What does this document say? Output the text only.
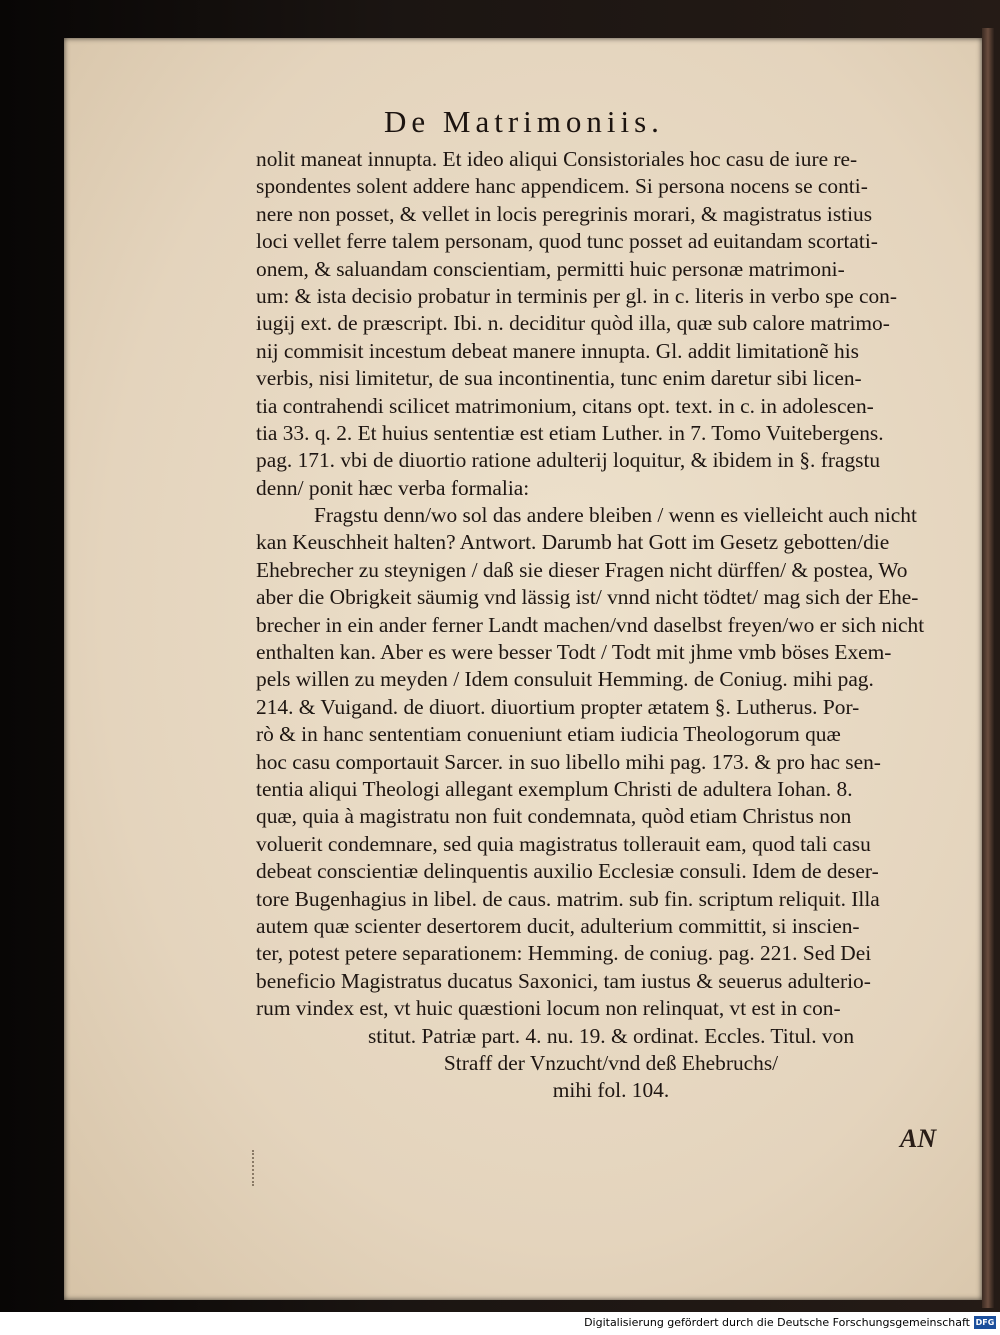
De Matrimoniis.
nolit maneat innupta. Et ideo aliqui Consistoriales hoc casu de iure re-
spondentes solent addere hanc appendicem. Si persona nocens se conti-
nere non posset, & vellet in locis peregrinis morari, & magistratus istius
loci vellet ferre talem personam, quod tunc posset ad euitandam scortati-
onem, & saluandam conscientiam, permitti huic personæ matrimoni-
um: & ista decisio probatur in terminis per gl. in c. literis in verbo spe con-
iugij ext. de præscript. Ibi. n. deciditur quòd illa, quæ sub calore matrimo-
nij commisit incestum debeat manere innupta. Gl. addit limitationẽ his
verbis, nisi limitetur, de sua incontinentia, tunc enim daretur sibi licen-
tia contrahendi scilicet matrimonium, citans opt. text. in c. in adolescen-
tia 33. q. 2. Et huius sententiæ est etiam Luther. in 7. Tomo Vuitebergens.
pag. 171. vbi de diuortio ratione adulterij loquitur, & ibidem in §. fragstu
denn/ ponit hæc verba formalia:
Fragstu denn/wo sol das andere bleiben / wenn es vielleicht auch nicht
kan Keuschheit halten? Antwort. Darumb hat Gott im Gesetz gebotten/die
Ehebrecher zu steynigen / daß sie dieser Fragen nicht dürffen/ & postea, Wo
aber die Obrigkeit säumig vnd lässig ist/ vnnd nicht tödtet/ mag sich der Ehe-
brecher in ein ander ferner Landt machen/vnd daselbst freyen/wo er sich nicht
enthalten kan. Aber es were besser Todt / Todt mit jhme vmb böses Exem-
pels willen zu meyden / Idem consuluit Hemming. de Coniug. mihi pag.
214. & Vuigand. de diuort. diuortium propter ætatem §. Lutherus. Por-
rò & in hanc sententiam conueniunt etiam iudicia Theologorum quæ
hoc casu comportauit Sarcer. in suo libello mihi pag. 173. & pro hac sen-
tentia aliqui Theologi allegant exemplum Christi de adultera Iohan. 8.
quæ, quia à magistratu non fuit condemnata, quòd etiam Christus non
voluerit condemnare, sed quia magistratus tollerauit eam, quod tali casu
debeat conscientiæ delinquentis auxilio Ecclesiæ consuli. Idem de deser-
tore Bugenhagius in libel. de caus. matrim. sub fin. scriptum reliquit. Illa
autem quæ scienter desertorem ducit, adulterium committit, si inscien-
ter, potest petere separationem: Hemming. de coniug. pag. 221. Sed Dei
beneficio Magistratus ducatus Saxonici, tam iustus & seuerus adulterio-
rum vindex est, vt huic quæstioni locum non relinquat, vt est in con-
stitut. Patriæ part. 4. nu. 19. & ordinat. Eccles. Titul. von
Straff der Vnzucht/vnd deß Ehebruchs/
mihi fol. 104.
AN
Digitalisierung gefördert durch die Deutsche Forschungsgemeinschaft DFG
